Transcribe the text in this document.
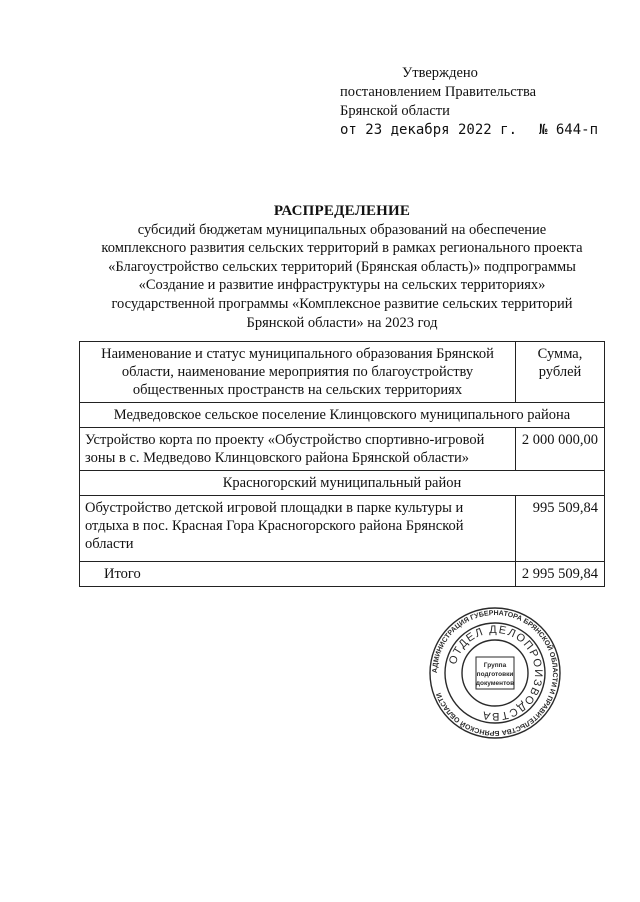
Утверждено
постановлением Правительства
Брянской области
от 23 декабря 2022 г. № 644-п
РАСПРЕДЕЛЕНИЕ
субсидий бюджетам муниципальных образований на обеспечение
комплексного развития сельских территорий в рамках регионального проекта
«Благоустройство сельских территорий (Брянская область)» подпрограммы
«Создание и развитие инфраструктуры на сельских территориях»
государственной программы «Комплексное развитие сельских территорий
Брянской области» на 2023 год
Наименование и статус муниципального образования Брянской области, наименование мероприятия по благоустройству общественных пространств на сельских территориях	Сумма, рублей
Медведовское сельское поселение Клинцовского муниципального района	
Устройство корта по проекту «Обустройство спортивно-игровой зоны в с. Медведово Клинцовского района Брянской области»	2 000 000,00
Красногорский муниципальный район	
Обустройство детской игровой площадки в парке культуры и отдыха в пос. Красная Гора Красногорского района Брянской области	995 509,84
Итого	2 995 509,84
АДМИНИСТРАЦИЯ ГУБЕРНАТОРА БРЯНСКОЙ ОБЛАСТИ И ПРАВИТЕЛЬСТВА БРЯНСКОЙ ОБЛАСТИ
ОТДЕЛ ДЕЛОПРОИЗВОДСТВА
Группа
подготовки
документов
